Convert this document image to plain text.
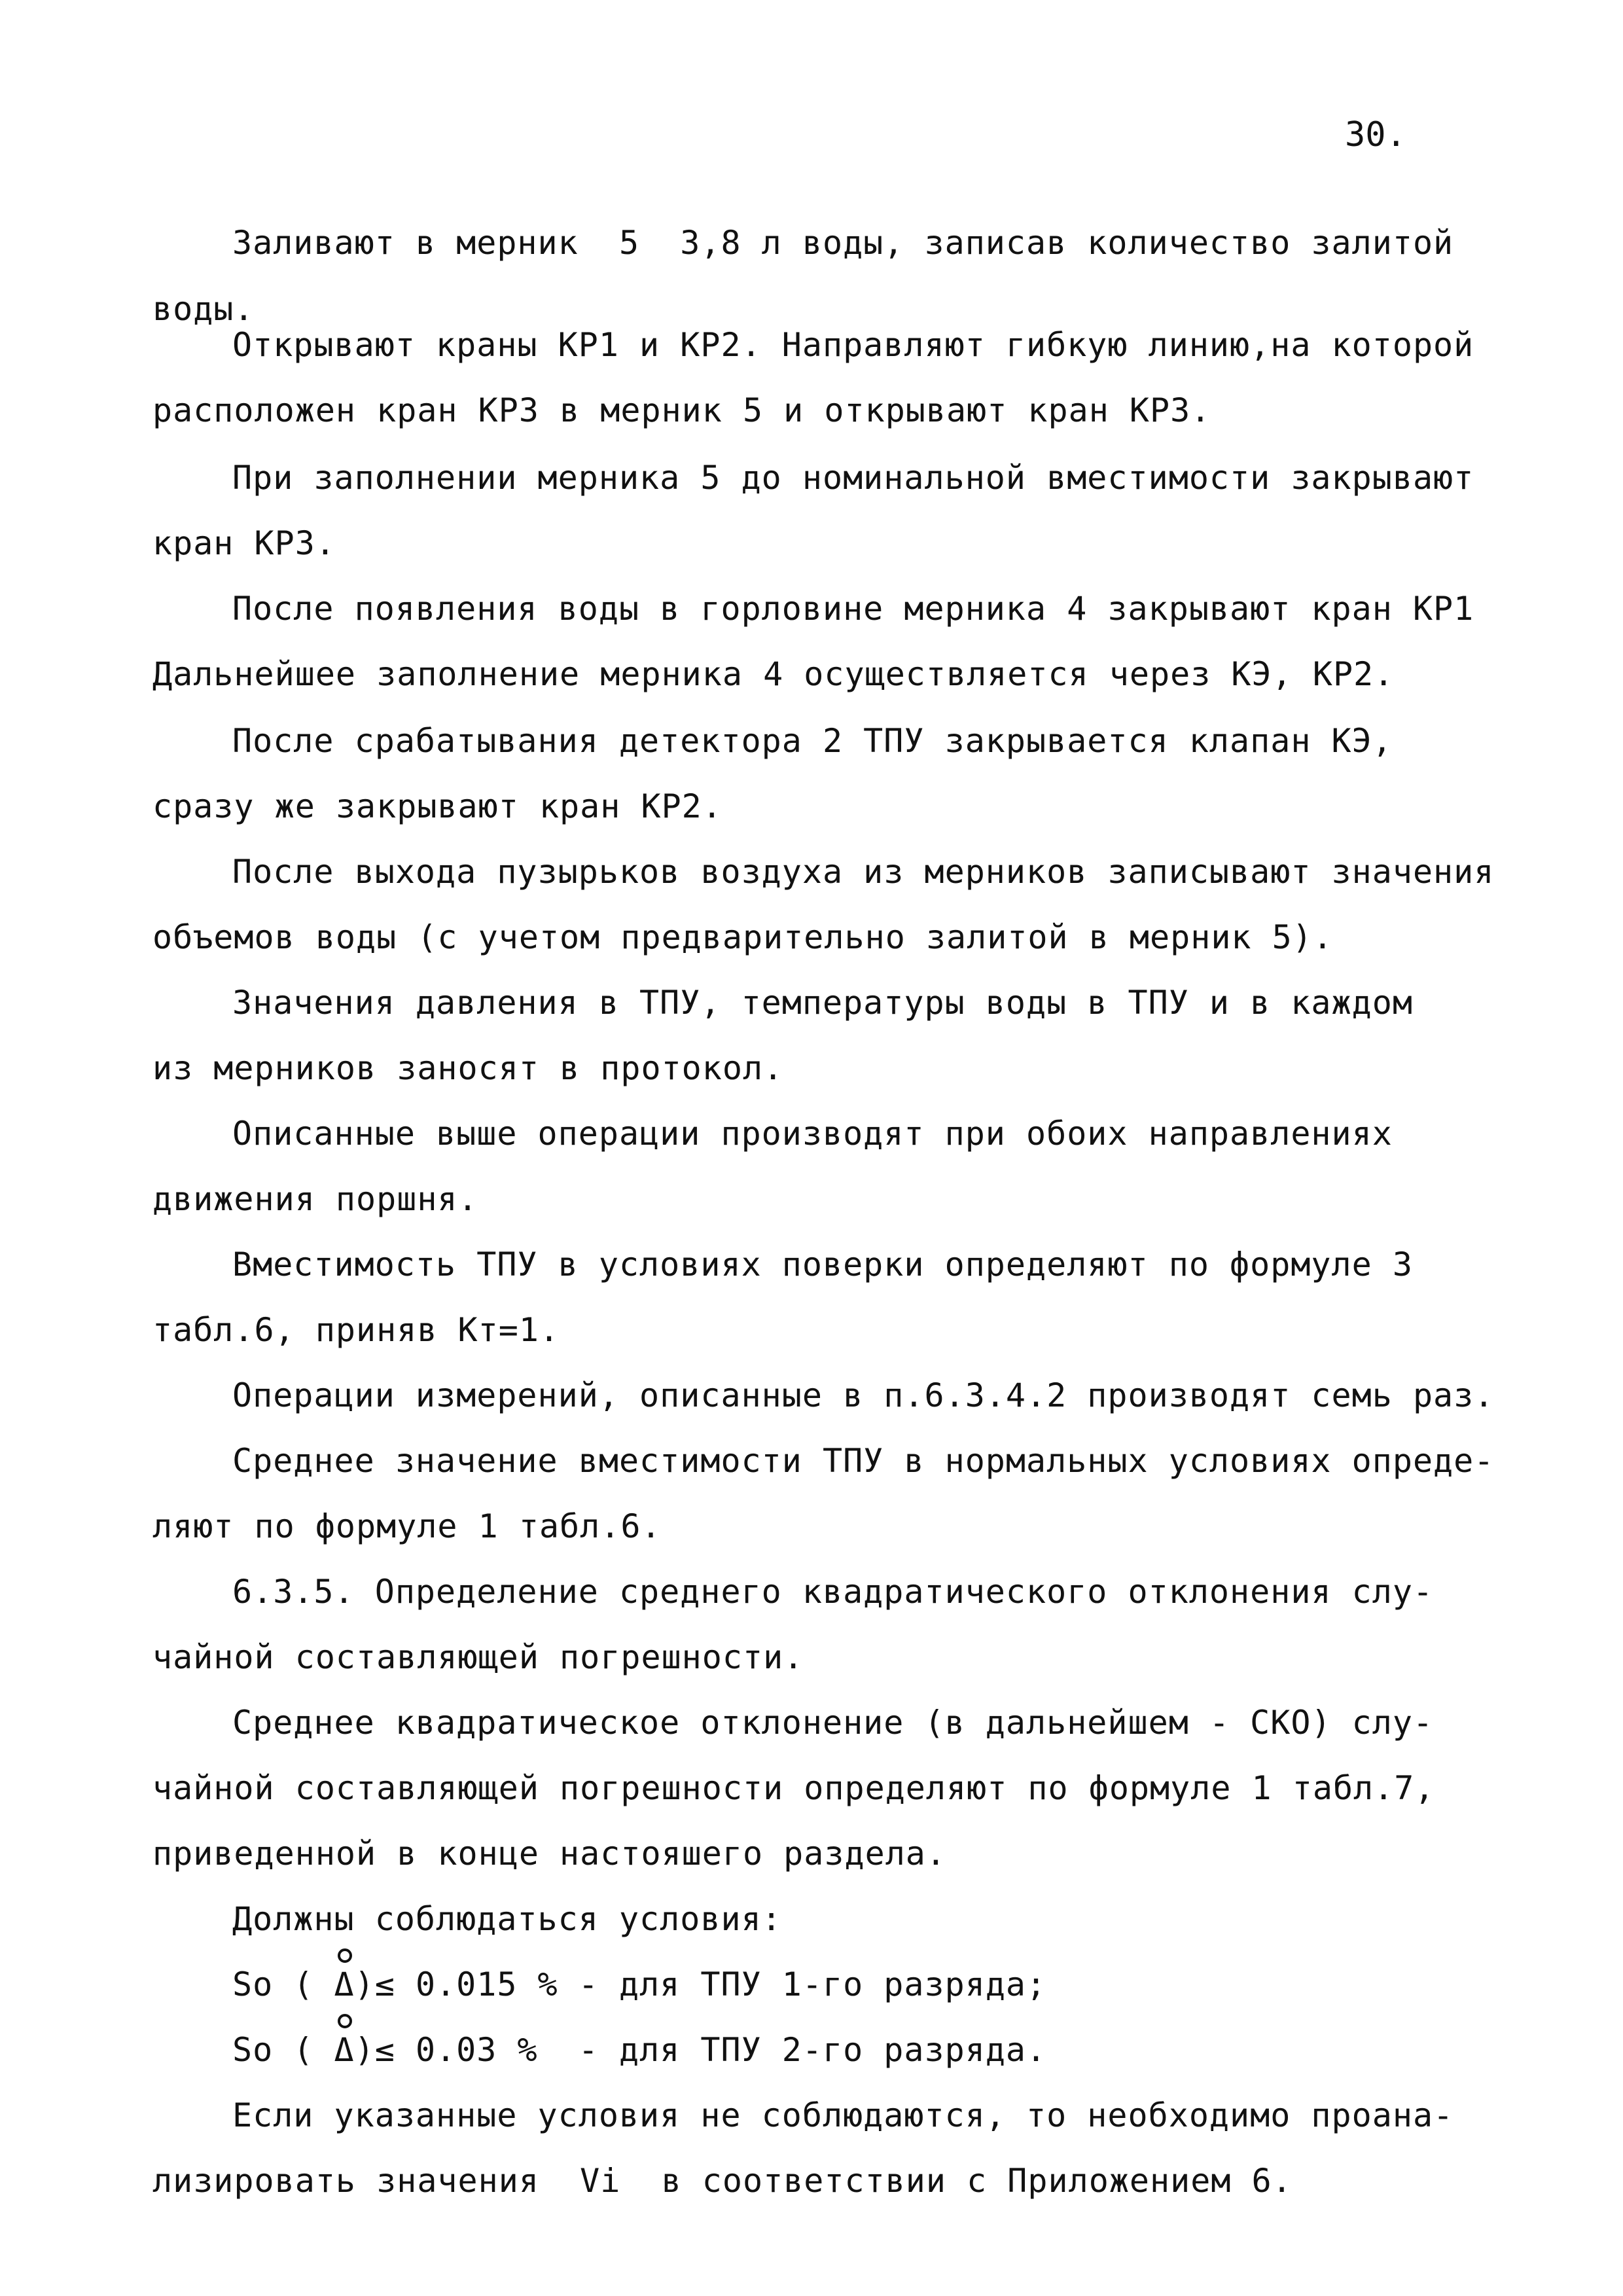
30.
Заливают в мерник  5  3,8 л воды, записав количество залитой
воды.
Открывают краны КР1 и КР2. Направляют гибкую линию,на которой
расположен кран КР3 в мерник 5 и открывают кран КР3.
При заполнении мерника 5 до номинальной вместимости закрывают
кран КР3.
После появления воды в горловине мерника 4 закрывают кран КР1
Дальнейшее заполнение мерника 4 осуществляется через КЭ, КР2.
После срабатывания детектора 2 ТПУ закрывается клапан КЭ,
сразу же закрывают кран КР2.
После выхода пузырьков воздуха из мерников записывают значения
объемов воды (с учетом предварительно залитой в мерник 5).
Значения давления в ТПУ, температуры воды в ТПУ и в каждом
из мерников заносят в протокол.
Описанные выше операции производят при обоих направлениях
движения поршня.
Вместимость ТПУ в условиях поверки определяют по формуле 3
табл.6, приняв Кт=1.
Операции измерений, описанные в п.6.3.4.2 производят семь раз.
Среднее значение вместимости ТПУ в нормальных условиях опреде-
ляют по формуле 1 табл.6.
6.3.5. Определение среднего квадратического отклонения слу-
чайной составляющей погрешности.
Среднее квадратическое отклонение (в дальнейшем - СКО) слу-
чайной составляющей погрешности определяют по формуле 1 табл.7,
приведенной в конце настояшего раздела.
Должны соблюдаться условия:
So (
Δ)≤ 0.015 % - для ТПУ 1-го разряда;
So (
Δ)≤ 0.03 %  - для ТПУ 2-го разряда.
Если указанные условия не соблюдаются, то необходимо проана-
лизировать значения  Vi  в соответствии с Приложением 6.
